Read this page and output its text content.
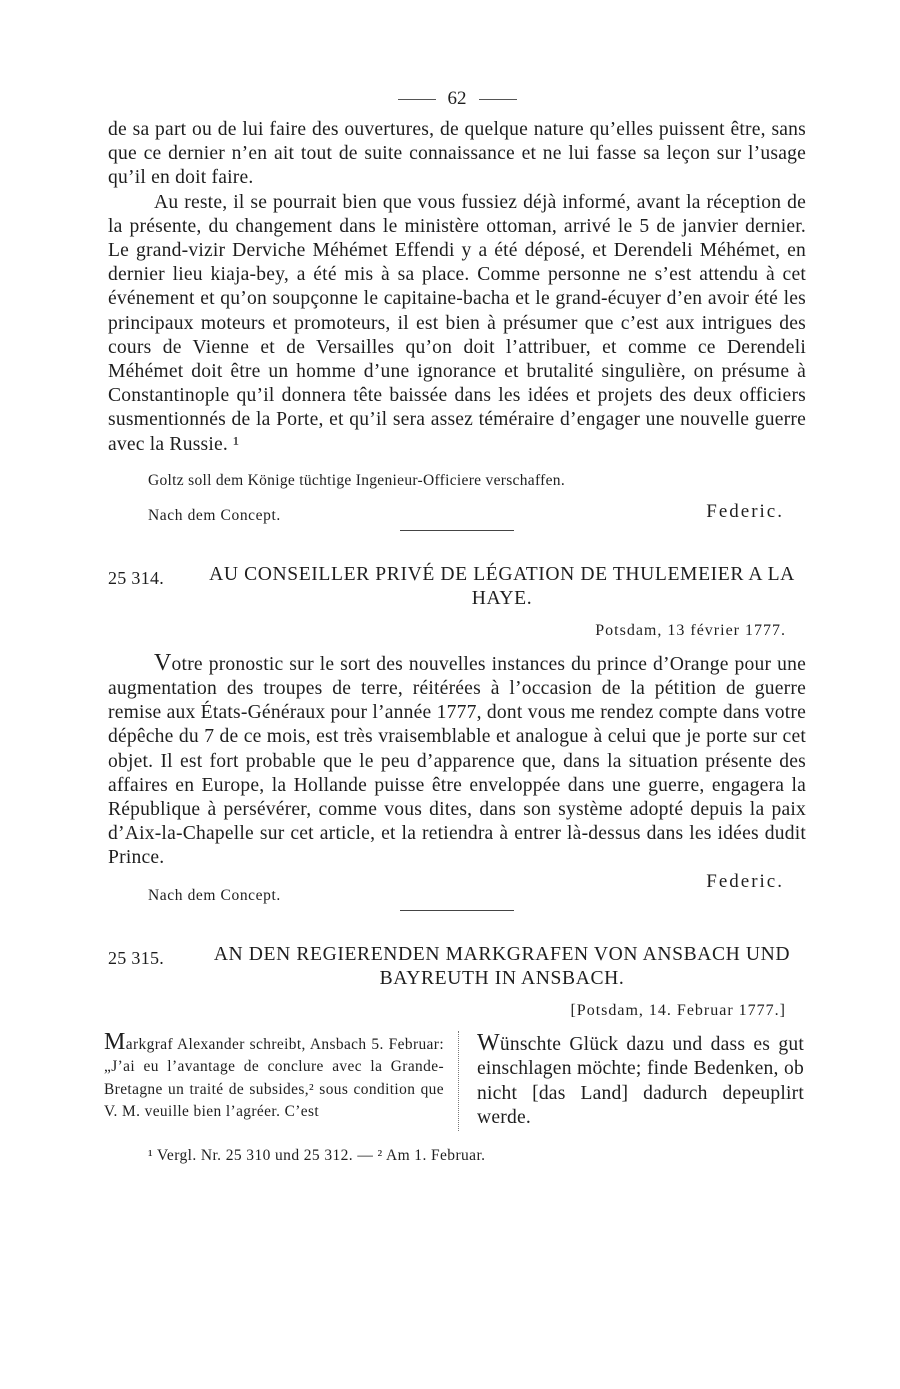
62

de sa part ou de lui faire des ouvertures, de quelque nature qu’elles puissent être, sans que ce dernier n’en ait tout de suite connaissance et ne lui fasse sa leçon sur l’usage qu’il en doit faire.

Au reste, il se pourrait bien que vous fussiez déjà informé, avant la réception de la présente, du changement dans le ministère ottoman, arrivé le 5 de janvier dernier. Le grand-vizir Derviche Méhémet Effendi y a été déposé, et Derendeli Méhémet, en dernier lieu kiaja-bey, a été mis à sa place. Comme personne ne s’est attendu à cet événement et qu’on soupçonne le capitaine-bacha et le grand-écuyer d’en avoir été les principaux moteurs et promoteurs, il est bien à présumer que c’est aux intrigues des cours de Vienne et de Versailles qu’on doit l’attribuer, et comme ce Derendeli Méhémet doit être un homme d’une ignorance et brutalité singulière, on présume à Constantinople qu’il donnera tête baissée dans les idées et projets des deux officiers susmentionnés de la Porte, et qu’il sera assez téméraire d’engager une nouvelle guerre avec la Russie. ¹

Goltz soll dem Könige tüchtige Ingenieur-Officiere verschaffen.
Nach dem Concept.	Federic.
25 314.	AU CONSEILLER PRIVÉ DE LÉGATION DE THULEMEIER A LA HAYE.
Potsdam, 13 février 1777.

Votre pronostic sur le sort des nouvelles instances du prince d’Orange pour une augmentation des troupes de terre, réitérées à l’occasion de la pétition de guerre remise aux États-Généraux pour l’année 1777, dont vous me rendez compte dans votre dépêche du 7 de ce mois, est très vraisemblable et analogue à celui que je porte sur cet objet. Il est fort probable que le peu d’apparence que, dans la situation présente des affaires en Europe, la Hollande puisse être enveloppée dans une guerre, engagera la République à persévérer, comme vous dites, dans son système adopté depuis la paix d’Aix-la-Chapelle sur cet article, et la retiendra à entrer là-dessus dans les idées dudit Prince.

Nach dem Concept.
Federic.
25 315.	AN DEN REGIERENDEN MARKGRAFEN VON ANSBACH UND BAYREUTH IN ANSBACH.
[Potsdam, 14. Februar 1777.]
Markgraf Alexander schreibt, Ansbach 5. Februar: „J’ai eu l’avantage de conclure avec la Grande-Bretagne un traité de subsides,² sous condition que V. M. veuille bien l’agréer. C’est
Wünschte Glück dazu und dass es gut einschlagen möchte; finde Bedenken, ob nicht [das Land] dadurch depeuplirt werde.
¹ Vergl. Nr. 25 310 und 25 312. — ² Am 1. Februar.
